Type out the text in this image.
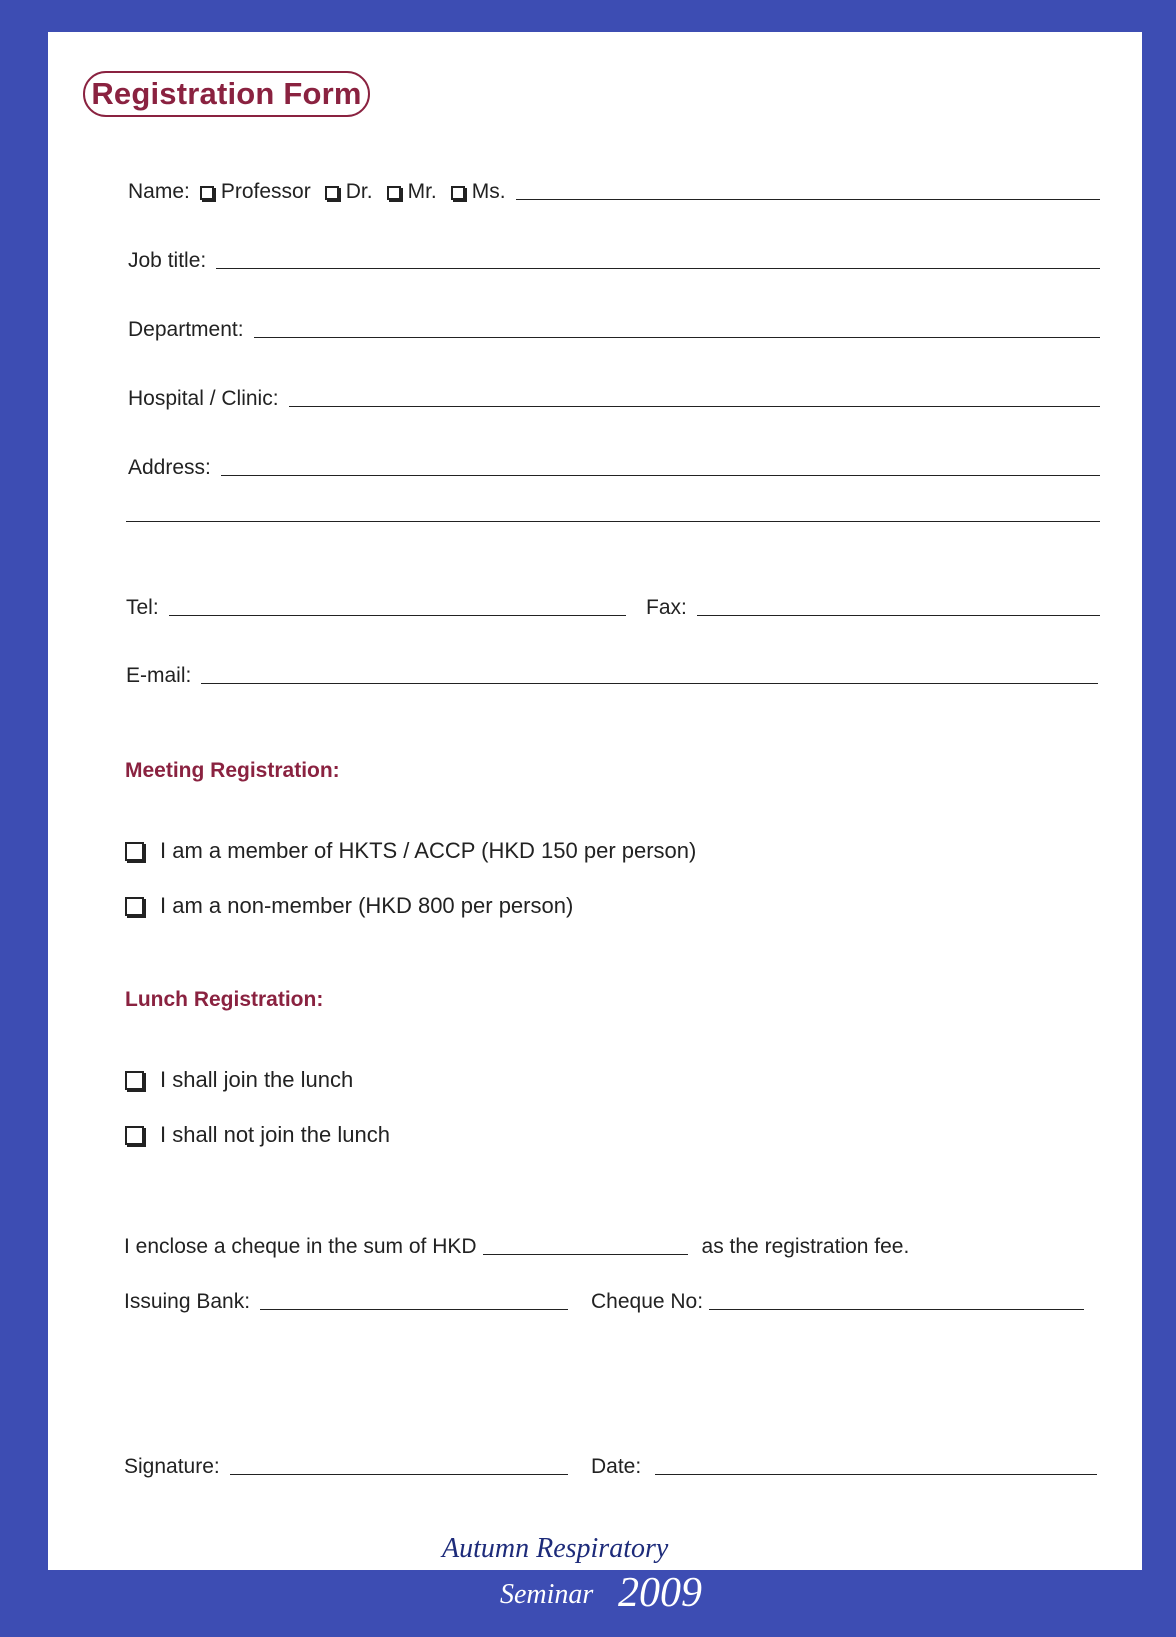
Registration Form
Name: Professor Dr. Mr. Ms.
Job title:
Department:
Hospital / Clinic:
Address:
Tel:	Fax:
E-mail:
Meeting Registration:
I am a member of HKTS / ACCP (HKD 150 per person)
I am a non-member (HKD 800 per person)
Lunch Registration:
I shall join the lunch
I shall not join the lunch
I enclose a cheque in the sum of HKD	as the registration fee.
Issuing Bank:	Cheque No:
Signature:	Date:
Autumn Respiratory
Seminar 2009
